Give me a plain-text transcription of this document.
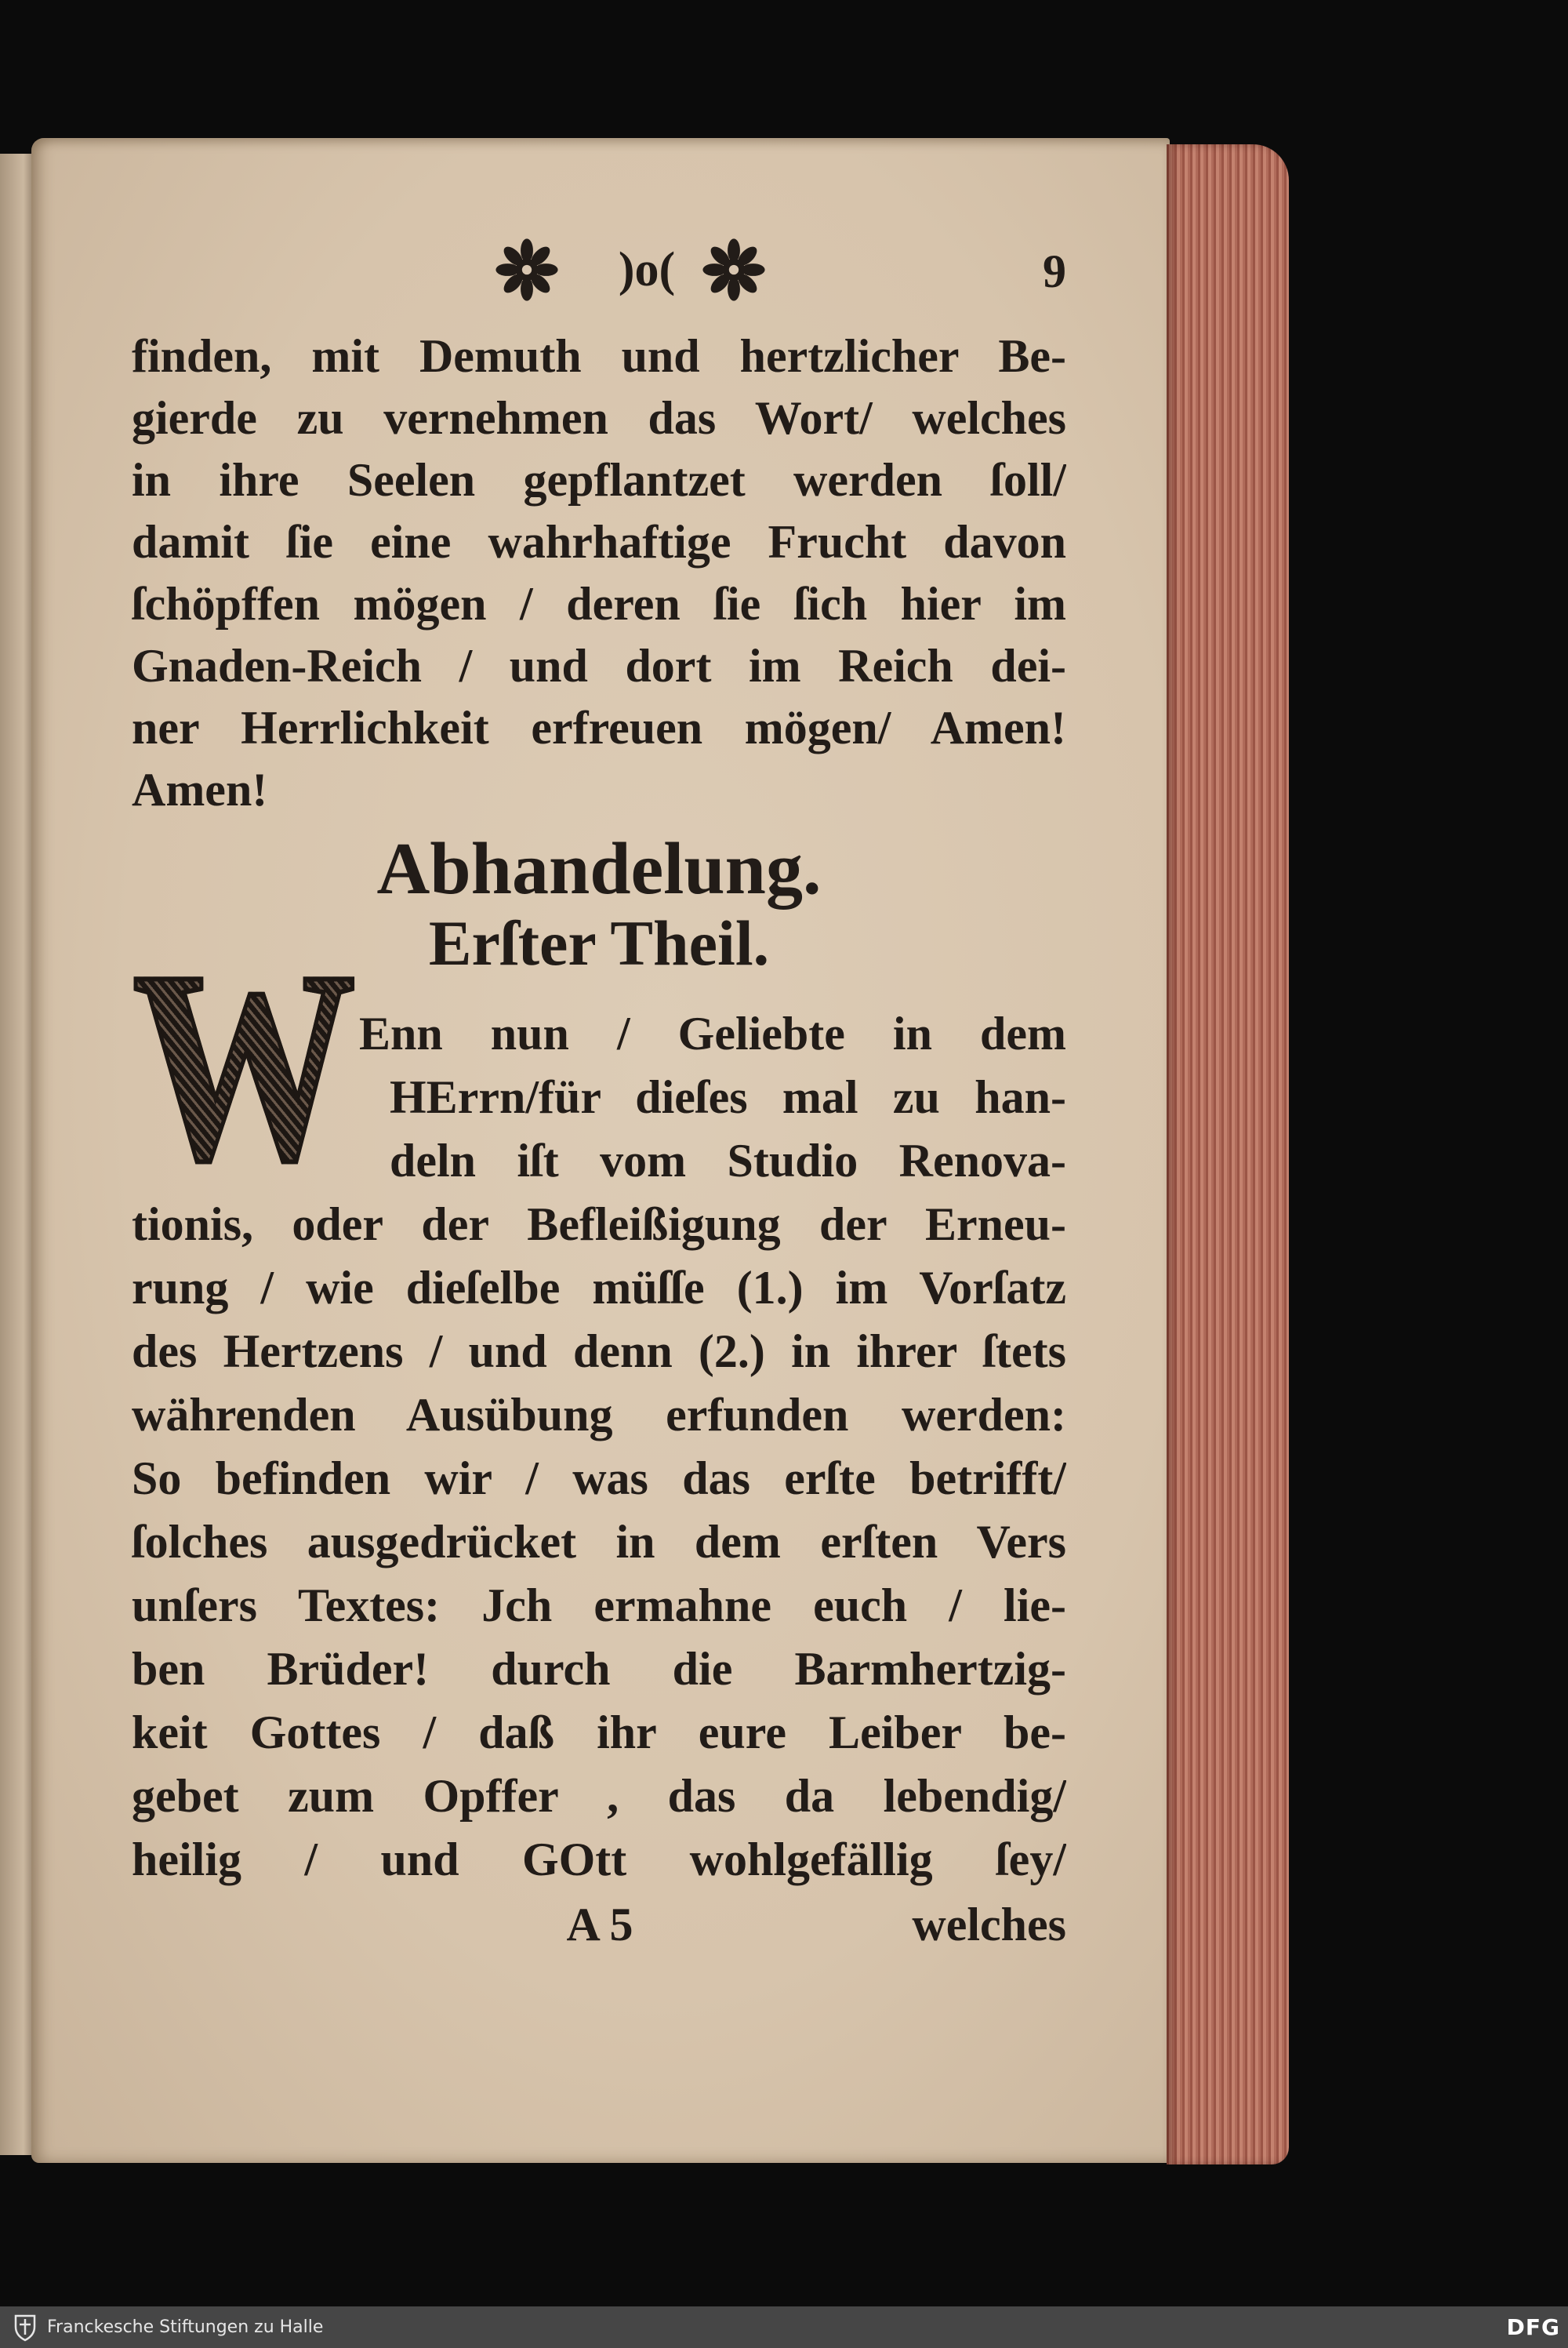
)o(	9
finden, mit Demuth und hertzlicher Be-
gierde zu vernehmen das Wort/ welches
in ihre Seelen gepflantzet werden ſoll/
damit ſie eine wahrhaftige Frucht davon
ſchöpffen mögen / deren ſie ſich hier im
Gnaden-Reich / und dort im Reich dei-
ner Herrlichkeit erfreuen mögen/ Amen!
Amen!
Abhandelung.
Erſter Theil.
W Enn nun / Geliebte in dem
HErrn/für dieſes mal zu han-
deln iſt vom Studio Renova-
tionis, oder der Befleißigung der Erneu-
rung / wie dieſelbe müſſe (1.) im Vorſatz
des Hertzens / und denn (2.) in ihrer ſtets
währenden Ausübung erfunden werden:
So befinden wir / was das erſte betrifft/
ſolches ausgedrücket in dem erſten Vers
unſers Textes: Jch ermahne euch / lie-
ben Brüder! durch die Barmhertzig-
keit Gottes / daß ihr eure Leiber be-
gebet zum Opffer , das da lebendig/
heilig / und GOtt wohlgefällig ſey/
A 5	welches
Franckesche Stiftungen zu Halle	DFG
